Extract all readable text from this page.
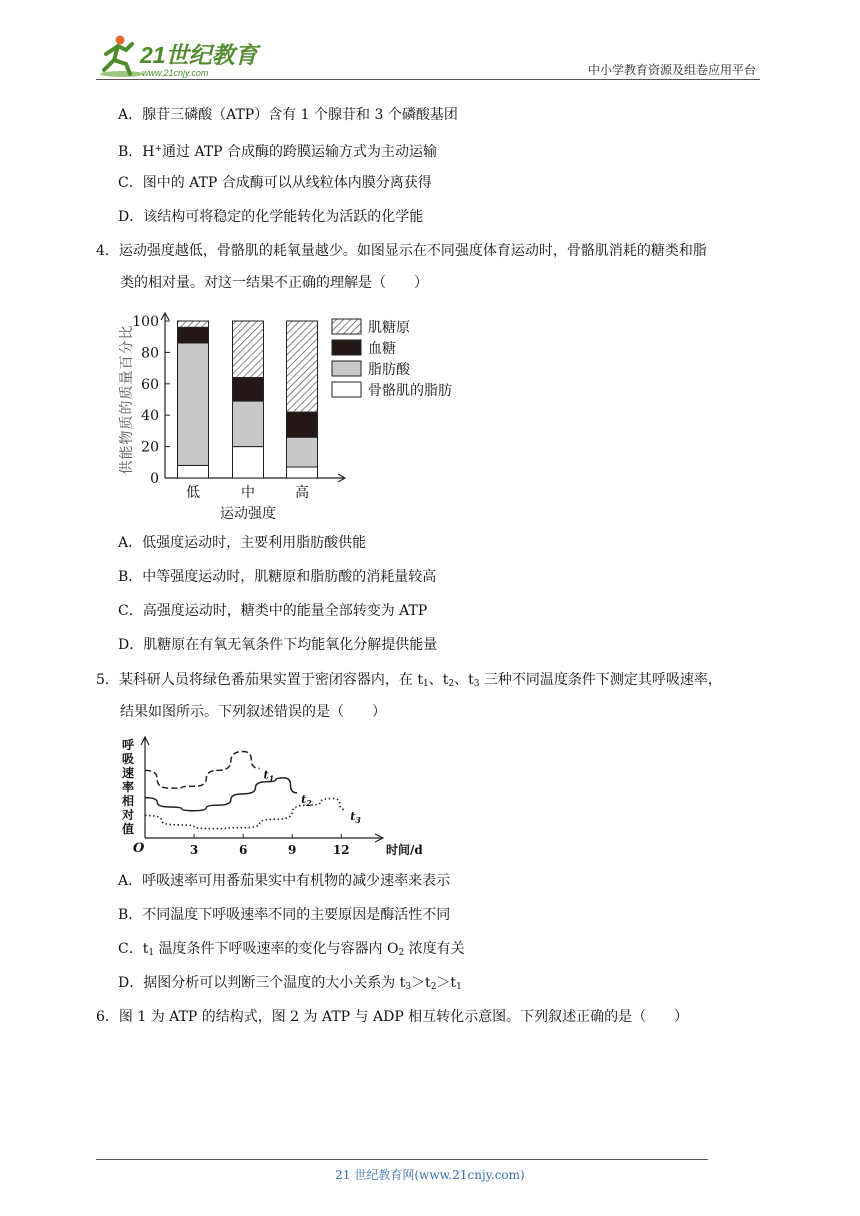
21世纪教育
www.21cnjy.com	中小学教育资源及组卷应用平台
A．腺苷三磷酸（ATP）含有 1 个腺苷和 3 个磷酸基团
B．H+通过 ATP 合成酶的跨膜运输方式为主动运输
C．图中的 ATP 合成酶可以从线粒体内膜分离获得
D．该结构可将稳定的化学能转化为活跃的化学能
4．运动强度越低，骨骼肌的耗氧量越少。如图显示在不同强度体育运动时，骨骼肌消耗的糖类和脂
类的相对量。对这一结果不正确的理解是（　　）
0
20
40
60
80
100
供能物质的质量百分比
低	中	高
运动强度
肌糖原
血糖
脂肪酸
骨骼肌的脂肪
A．低强度运动时，主要利用脂肪酸供能
B．中等强度运动时，肌糖原和脂肪酸的消耗量较高
C．高强度运动时，糖类中的能量全部转变为 ATP
D．肌糖原在有氧无氧条件下均能氧化分解提供能量
5．某科研人员将绿色番茄果实置于密闭容器内，在 $t_1$、$t_2$、$t_3$ 三种不同温度条件下测定其呼吸速率，
结果如图所示。下列叙述错误的是（　　）
O	3	6	9	12	时间/d
呼吸速率相对值
$t_1$
$t_2$
$t_3$
A．呼吸速率可用番茄果实中有机物的减少速率来表示
B．不同温度下呼吸速率不同的主要原因是酶活性不同
C．$t_1$ 温度条件下呼吸速率的变化与容器内 $O_2$ 浓度有关
D．据图分析可以判断三个温度的大小关系为 $t_3>t_2>t_1$
6．图 1 为 ATP 的结构式，图 2 为 ATP 与 ADP 相互转化示意图。下列叙述正确的是（　　）
21 世纪教育网(www.21cnjy.com)
